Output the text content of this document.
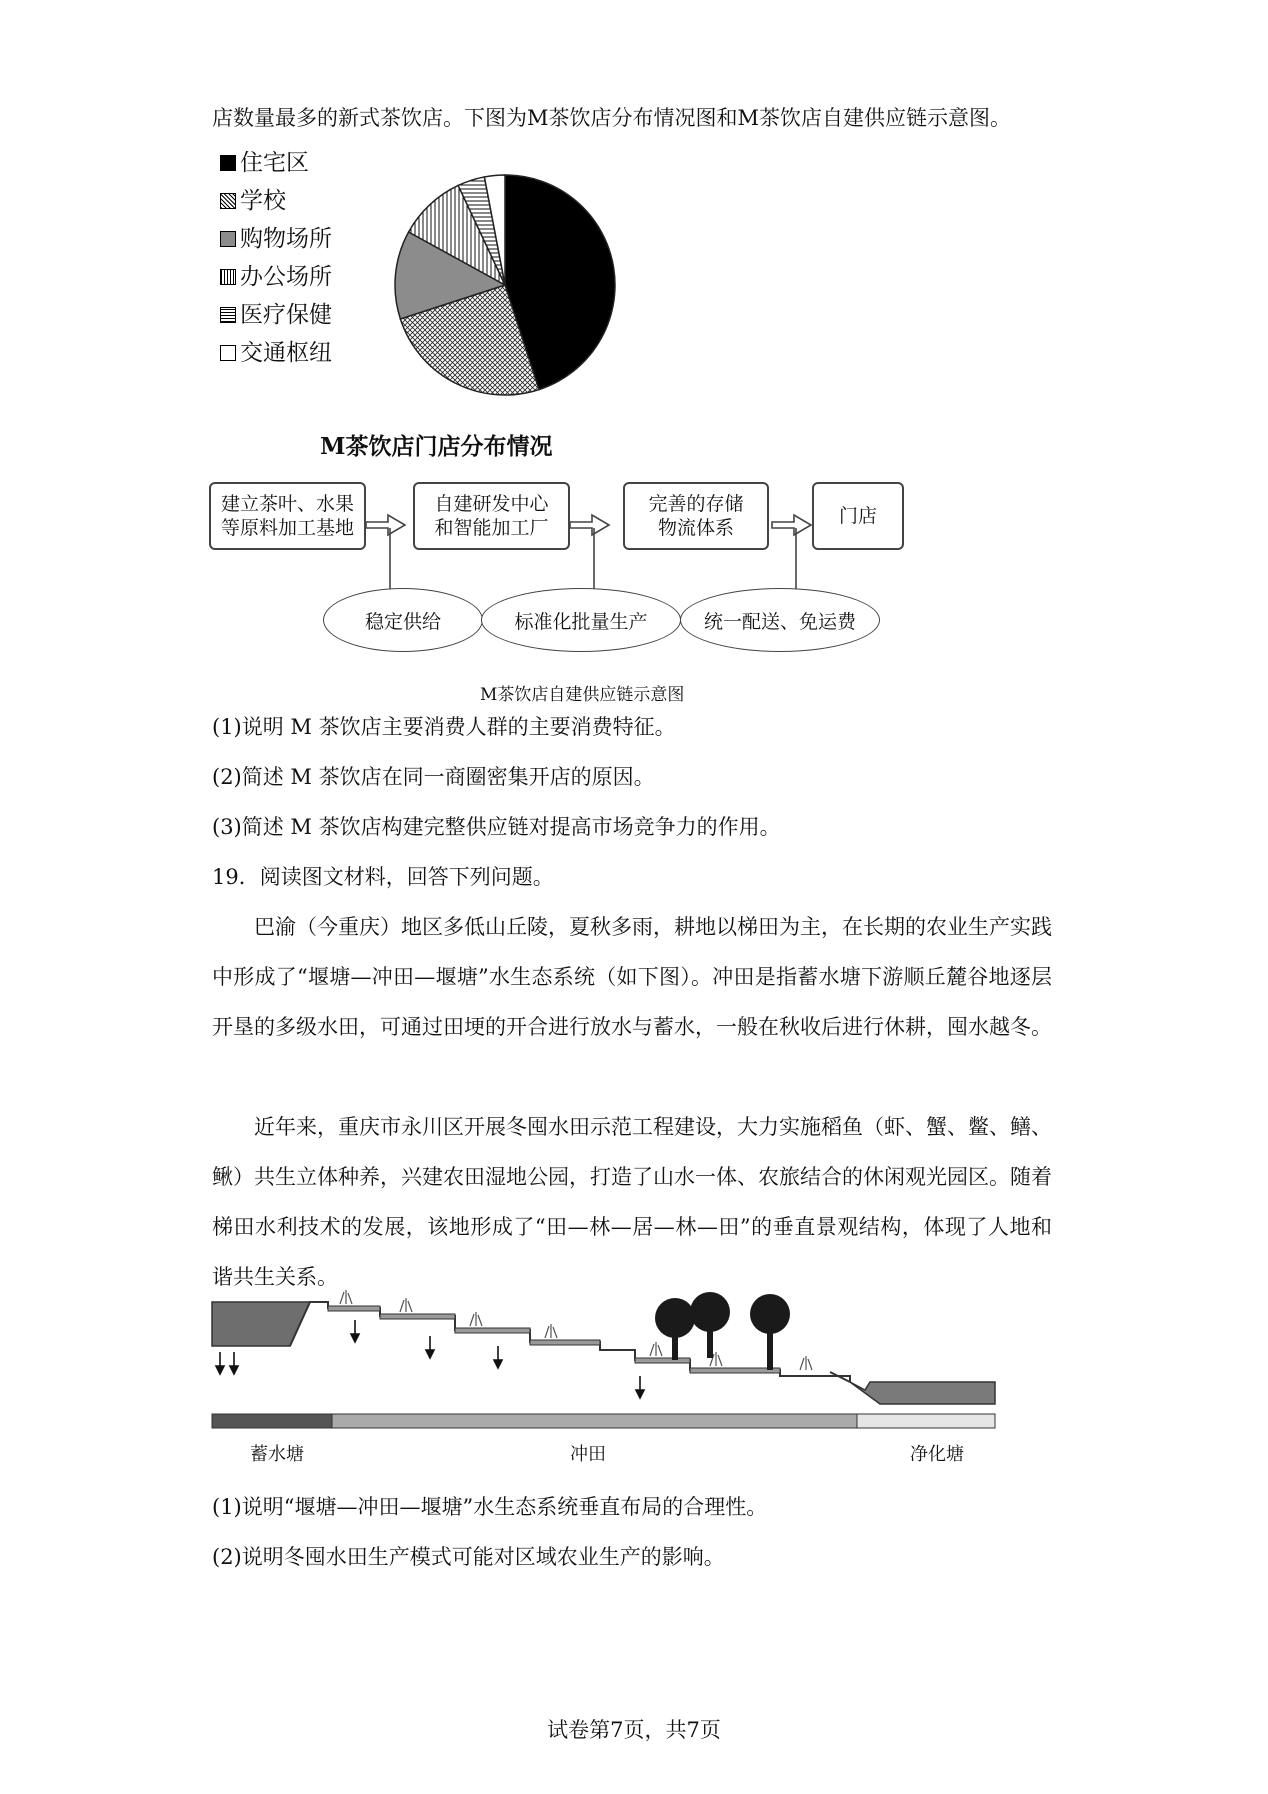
店数量最多的新式茶饮店。下图为M茶饮店分布情况图和M茶饮店自建供应链示意图。
住宅区
学校
购物场所
办公场所
医疗保健
交通枢纽
M茶饮店门店分布情况
建立茶叶、水果
等原料加工基地
自建研发中心
和智能加工厂
完善的存储
物流体系
门店
稳定供给	标准化批量生产	统一配送、免运费
M茶饮店自建供应链示意图
(1)说明 M 茶饮店主要消费人群的主要消费特征。
(2)简述 M 茶饮店在同一商圈密集开店的原因。
(3)简述 M 茶饮店构建完整供应链对提高市场竞争力的作用。
19．阅读图文材料，回答下列问题。
巴渝（今重庆）地区多低山丘陵，夏秋多雨，耕地以梯田为主，在长期的农业生产实践中形成了“堰塘—冲田—堰塘”水生态系统（如下图）。冲田是指蓄水塘下游顺丘麓谷地逐层开垦的多级水田，可通过田埂的开合进行放水与蓄水，一般在秋收后进行休耕，囤水越冬。
近年来，重庆市永川区开展冬囤水田示范工程建设，大力实施稻鱼（虾、蟹、鳖、鳝、鳅）共生立体种养，兴建农田湿地公园，打造了山水一体、农旅结合的休闲观光园区。随着梯田水利技术的发展，该地形成了“田—林—居—林—田”的垂直景观结构，体现了人地和谐共生关系。
蓄水塘	冲田	净化塘
(1)说明“堰塘—冲田—堰塘”水生态系统垂直布局的合理性。
(2)说明冬囤水田生产模式可能对区域农业生产的影响。
试卷第7页，共7页
